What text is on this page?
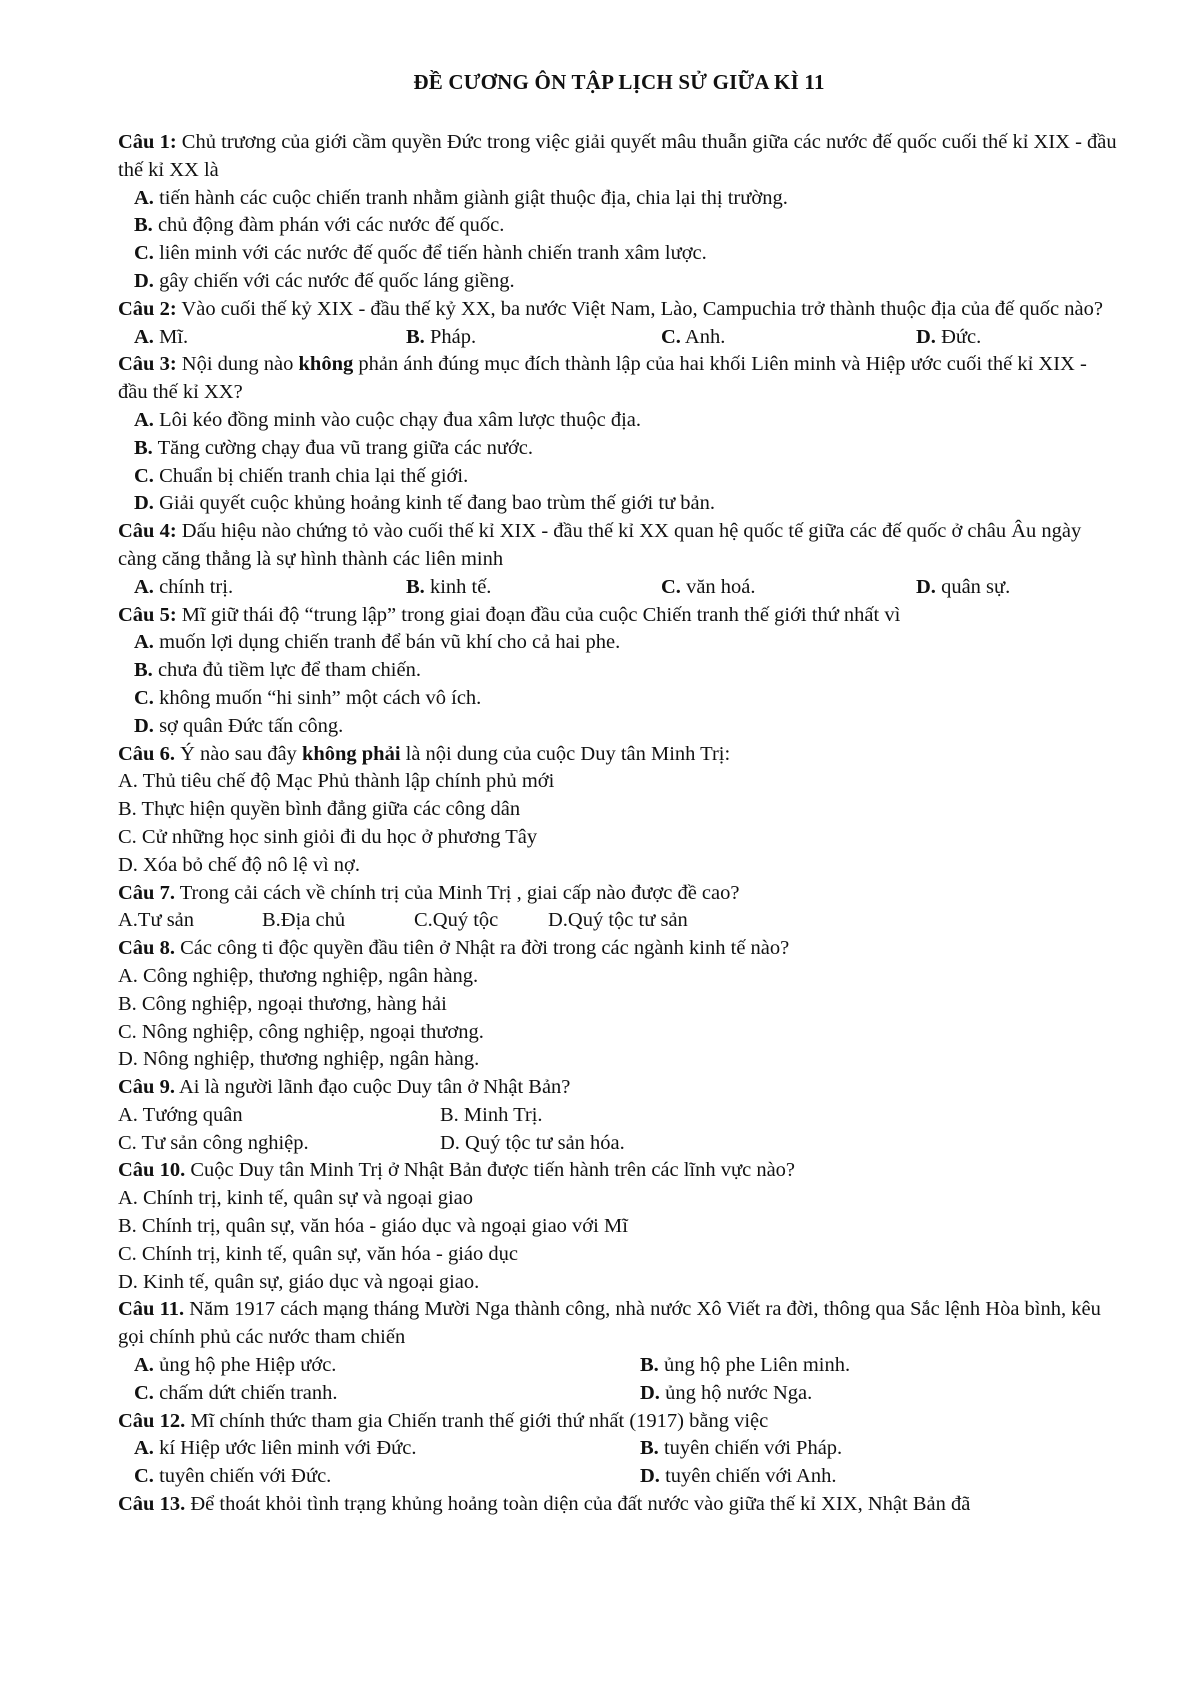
ĐỀ CƯƠNG ÔN TẬP LỊCH SỬ GIỮA KÌ 11
Câu 1: Chủ trương của giới cầm quyền Đức trong việc giải quyết mâu thuẫn giữa các nước đế quốc cuối thế kỉ XIX - đầu thế kỉ XX là
A. tiến hành các cuộc chiến tranh nhằm giành giật thuộc địa, chia lại thị trường.
B. chủ động đàm phán với các nước đế quốc.
C. liên minh với các nước đế quốc để tiến hành chiến tranh xâm lược.
D. gây chiến với các nước đế quốc láng giềng.
Câu 2: Vào cuối thế kỷ XIX - đầu thế kỷ XX, ba nước Việt Nam, Lào, Campuchia trở thành thuộc địa của đế quốc nào?
A. Mĩ.	B. Pháp.	C. Anh.	D. Đức.
Câu 3: Nội dung nào không phản ánh đúng mục đích thành lập của hai khối Liên minh và Hiệp ước cuối thế kỉ XIX - đầu thế kỉ XX?
A. Lôi kéo đồng minh vào cuộc chạy đua xâm lược thuộc địa.
B. Tăng cường chạy đua vũ trang giữa các nước.
C. Chuẩn bị chiến tranh chia lại thế giới.
D. Giải quyết cuộc khủng hoảng kinh tế đang bao trùm thế giới tư bản.
Câu 4: Dấu hiệu nào chứng tỏ vào cuối thế kỉ XIX - đầu thế kỉ XX quan hệ quốc tế giữa các đế quốc ở châu Âu ngày càng căng thẳng là sự hình thành các liên minh
A. chính trị.	B. kinh tế.	C. văn hoá.	D. quân sự.
Câu 5: Mĩ giữ thái độ “trung lập” trong giai đoạn đầu của cuộc Chiến tranh thế giới thứ nhất vì
A. muốn lợi dụng chiến tranh để bán vũ khí cho cả hai phe.
B. chưa đủ tiềm lực để tham chiến.
C. không muốn “hi sinh” một cách vô ích.
D. sợ quân Đức tấn công.
Câu 6. Ý nào sau đây không phải là nội dung của cuộc Duy tân Minh Trị:
A. Thủ tiêu chế độ Mạc Phủ thành lập chính phủ mới
B. Thực hiện quyền bình đẳng giữa các công dân
C. Cử những học sinh giỏi đi du học ở phương Tây
D. Xóa bỏ chế độ nô lệ vì nợ.
Câu 7. Trong cải cách về chính trị của Minh Trị , giai cấp nào được đề cao?
A.Tư sản	B.Địa chủ	C.Quý tộc	D.Quý tộc tư sản
Câu 8. Các công ti độc quyền đầu tiên ở Nhật ra đời trong các ngành kinh tế nào?
A. Công nghiệp, thương nghiệp, ngân hàng.
B. Công nghiệp, ngoại thương, hàng hải
C. Nông nghiệp, công nghiệp, ngoại thương.
D. Nông nghiệp, thương nghiệp, ngân hàng.
Câu 9. Ai là người lãnh đạo cuộc Duy tân ở Nhật Bản?
A. Tướng quân	B. Minh Trị.
C. Tư sản công nghiệp.	D. Quý tộc tư sản hóa.
Câu 10. Cuộc Duy tân Minh Trị ở Nhật Bản được tiến hành trên các lĩnh vực nào?
A. Chính trị, kinh tế, quân sự và ngoại giao
B. Chính trị, quân sự, văn hóa - giáo dục và ngoại giao với Mĩ
C. Chính trị, kinh tế, quân sự, văn hóa - giáo dục
D. Kinh tế, quân sự, giáo dục và ngoại giao.
Câu 11. Năm 1917 cách mạng tháng Mười Nga thành công, nhà nước Xô Viết ra đời, thông qua Sắc lệnh Hòa bình, kêu gọi chính phủ các nước tham chiến
A. ủng hộ phe Hiệp ước.	B. ủng hộ phe Liên minh.
C. chấm dứt chiến tranh.	D. ủng hộ nước Nga.
Câu 12. Mĩ chính thức tham gia Chiến tranh thế giới thứ nhất (1917) bằng việc
A. kí Hiệp ước liên minh với Đức.	B. tuyên chiến với Pháp.
C. tuyên chiến với Đức.	D. tuyên chiến với Anh.
Câu 13. Để thoát khỏi tình trạng khủng hoảng toàn diện của đất nước vào giữa thế kỉ XIX, Nhật Bản đã
